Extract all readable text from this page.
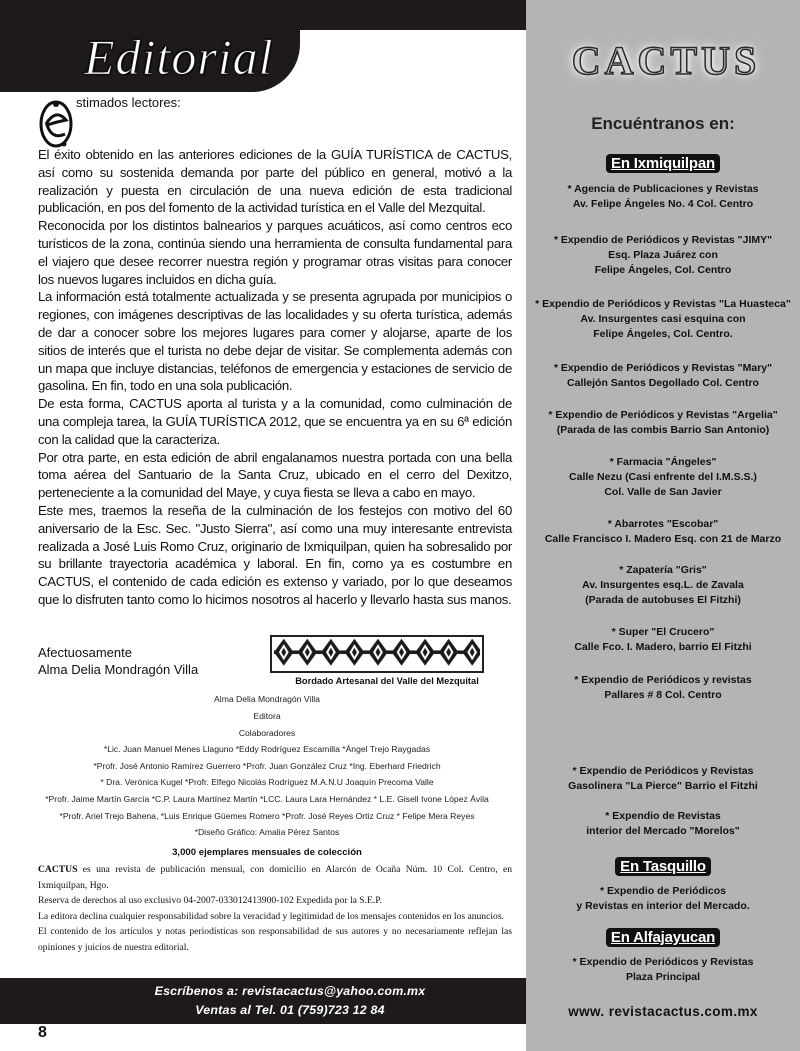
Editorial	CACTUS
Encuéntranos en:
En Ixmiquilpan
* Agencia de Publicaciones y Revistas
Av. Felipe Ángeles No. 4 Col. Centro
* Expendio de Periódicos y Revistas "JIMY"
Esq. Plaza Juárez con
Felipe Ángeles, Col. Centro
* Expendio de Periódicos y Revistas "La Huasteca"
Av. Insurgentes casi esquina con
Felipe Ángeles, Col. Centro.
* Expendio de Periódicos y Revistas "Mary"
Callejón Santos Degollado Col. Centro
* Expendio de Periódicos y Revistas "Argelia"
(Parada de las combis Barrio San Antonio)
* Farmacia "Ángeles"
Calle Nezu (Casi enfrente del I.M.S.S.)
Col. Valle de San Javier
* Abarrotes "Escobar"
Calle Francisco I. Madero Esq. con 21 de Marzo
* Zapatería "Gris"
Av. Insurgentes esq.L. de Zavala
(Parada de autobuses El Fitzhi)
* Super "El Crucero"
Calle Fco. I. Madero, barrio El Fitzhi
* Expendio de Periódicos y revistas
Pallares # 8 Col. Centro
* Expendio de Periódicos y Revistas
Gasolinera "La Pierce" Barrio el Fitzhi
* Expendio de Revistas
interior del Mercado "Morelos"
En Tasquillo
* Expendio de Periódicos
y Revistas en interior del Mercado.
En Alfajayucan
* Expendio de Periódicos y Revistas
Plaza Principal
www. revistacactus.com.mx
stimados lectores:

El éxito obtenido en las anteriores ediciones de la GUÍA TURÍSTICA de CACTUS, así como su sostenida demanda por parte del público en general, motivó a la realización y puesta en circulación de una nueva edición de esta tradicional publicación, en pos del fomento de la actividad turística en el Valle del Mezquital.

Reconocida por los distintos balnearios y parques acuáticos, así como centros eco turísticos de la zona, continúa siendo una herramienta de consulta fundamental para el viajero que desee recorrer nuestra región y programar otras visitas para conocer los nuevos lugares incluidos en dicha guía.

La información está totalmente actualizada y se presenta agrupada por municipios o regiones, con imágenes descriptivas de las localidades y su oferta turística, además de dar a conocer sobre los mejores lugares para comer y alojarse, aparte de los sitios de interés que el turista no debe dejar de visitar. Se complementa además con un mapa que incluye distancias, teléfonos de emergencia y estaciones de servicio de gasolina. En fin, todo en una sola publicación.

De esta forma, CACTUS aporta al turista y a la comunidad, como culminación de una compleja tarea, la GUÍA TURÍSTICA 2012, que se encuentra ya en su 6ª edición con la calidad que la caracteriza.

Por otra parte, en esta edición de abril engalanamos nuestra portada con una bella toma aérea del Santuario de la Santa Cruz, ubicado en el cerro del Dexitzo, perteneciente a la comunidad del Maye, y cuya fiesta se lleva a cabo en mayo.

Este mes, traemos la reseña de la culminación de los festejos con motivo del 60 aniversario de la Esc. Sec. "Justo Sierra", así como una muy interesante entrevista realizada a José Luis Romo Cruz, originario de Ixmiquilpan, quien ha sobresalido por su brillante trayectoria académica y laboral. En fin, como ya es costumbre en CACTUS, el contenido de cada edición es extenso y variado, por lo que deseamos que lo disfruten tanto como lo hicimos nosotros al hacerlo y llevarlo hasta sus manos.

Afectuosamente
Alma Delia Mondragón Villa
Bordado Artesanal del Valle del Mezquital
Alma Delia Mondragón Villa
Editora
Colaboradores
*Lic. Juan Manuel Menes Llaguno *Eddy Rodríguez Escamilla *Ángel Trejo Raygadas
*Profr. José Antonio Ramírez Guerrero *Profr. Juan González Cruz *Ing. Eberhard Friedrich
* Dra. Verónica Kugel *Profr. Elfego Nicolás Rodríguez M.A.N.U Joaquín Precoma Valle
*Profr. Jaime Martín García *C.P. Laura Martínez Martín *LCC. Laura Lara Hernández * L.E. Gisell Ivone López Ávila
*Profr. Ariel Trejo Bahena, *Luis Enrique Güemes Romero *Profr. José Reyes Ortiz Cruz * Felipe Mera Reyes
*Diseño Gráfico: Amalia Pérez Santos
3,000 ejemplares mensuales de colección
CACTUS es una revista de publicación mensual, con domicilio en Alarcón de Ocaña Núm. 10 Col. Centro, en Ixmiquilpan, Hgo.
Reserva de derechos al uso exclusivo 04-2007-033012413900-102 Expedida por la S.E.P.
La editora declina cualquier responsabilidad sobre la veracidad y legitimidad de los mensajes contenidos en los anuncios.
El contenido de los artículos y notas periodísticas son responsabilidad de sus autores y no necesariamente reflejan las opiniones y juicios de nuestra editorial.
Escríbenos a: revistacactus@yahoo.com.mx
Ventas al Tel. 01 (759)723 12 84
8
